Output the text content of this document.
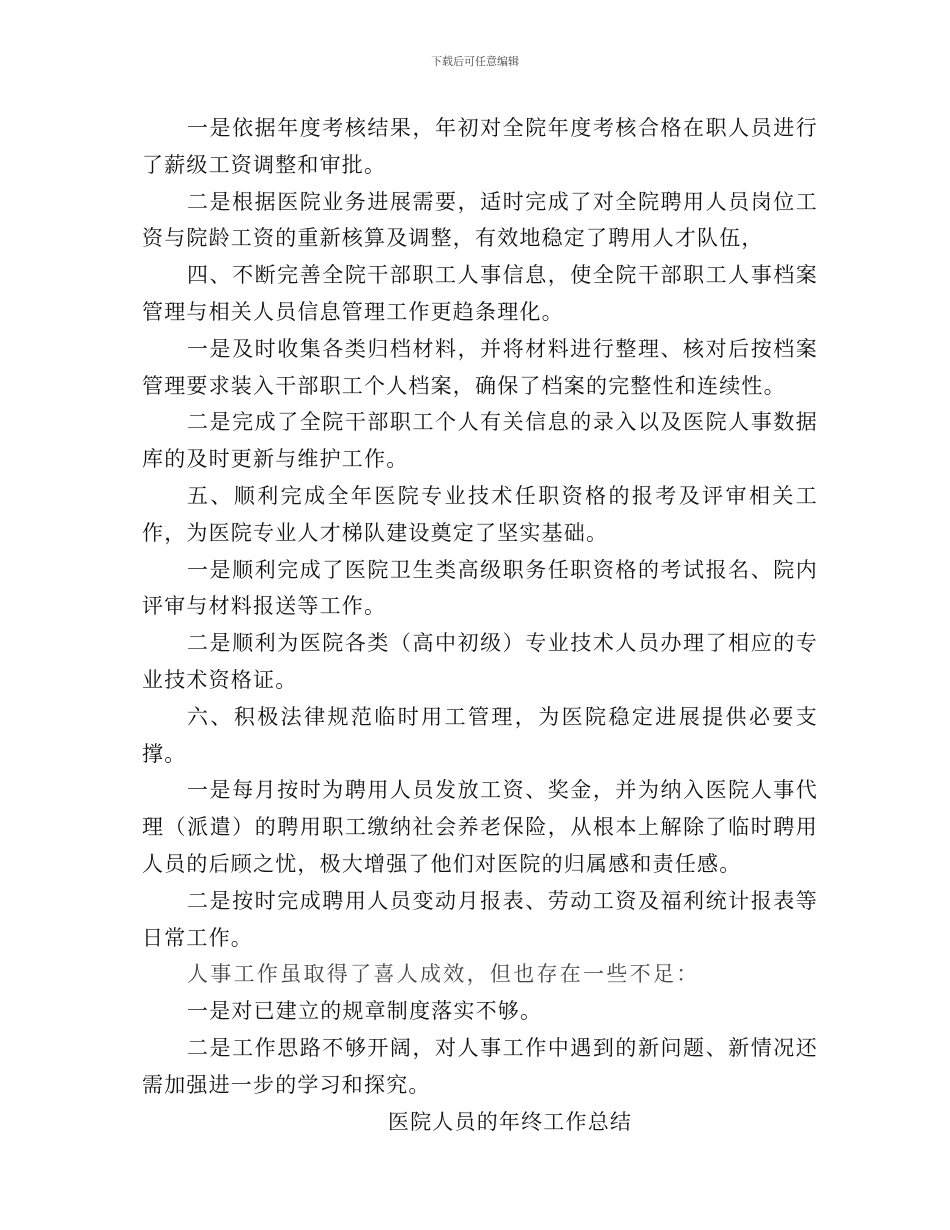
下载后可任意编辑

一是依据年度考核结果，年初对全院年度考核合格在职人员进行了薪级工资调整和审批。

二是根据医院业务进展需要，适时完成了对全院聘用人员岗位工资与院龄工资的重新核算及调整，有效地稳定了聘用人才队伍，

四、不断完善全院干部职工人事信息，使全院干部职工人事档案管理与相关人员信息管理工作更趋条理化。

一是及时收集各类归档材料，并将材料进行整理、核对后按档案管理要求装入干部职工个人档案，确保了档案的完整性和连续性。

二是完成了全院干部职工个人有关信息的录入以及医院人事数据库的及时更新与维护工作。

五、顺利完成全年医院专业技术任职资格的报考及评审相关工作，为医院专业人才梯队建设奠定了坚实基础。

一是顺利完成了医院卫生类高级职务任职资格的考试报名、院内评审与材料报送等工作。

二是顺利为医院各类（高中初级）专业技术人员办理了相应的专业技术资格证。

六、积极法律规范临时用工管理，为医院稳定进展提供必要支撑。

一是每月按时为聘用人员发放工资、奖金，并为纳入医院人事代理（派遣）的聘用职工缴纳社会养老保险，从根本上解除了临时聘用人员的后顾之忧，极大增强了他们对医院的归属感和责任感。

二是按时完成聘用人员变动月报表、劳动工资及福利统计报表等日常工作。

人事工作虽取得了喜人成效，但也存在一些不足：

一是对已建立的规章制度落实不够。

二是工作思路不够开阔，对人事工作中遇到的新问题、新情况还需加强进一步的学习和探究。

医院人员的年终工作总结
